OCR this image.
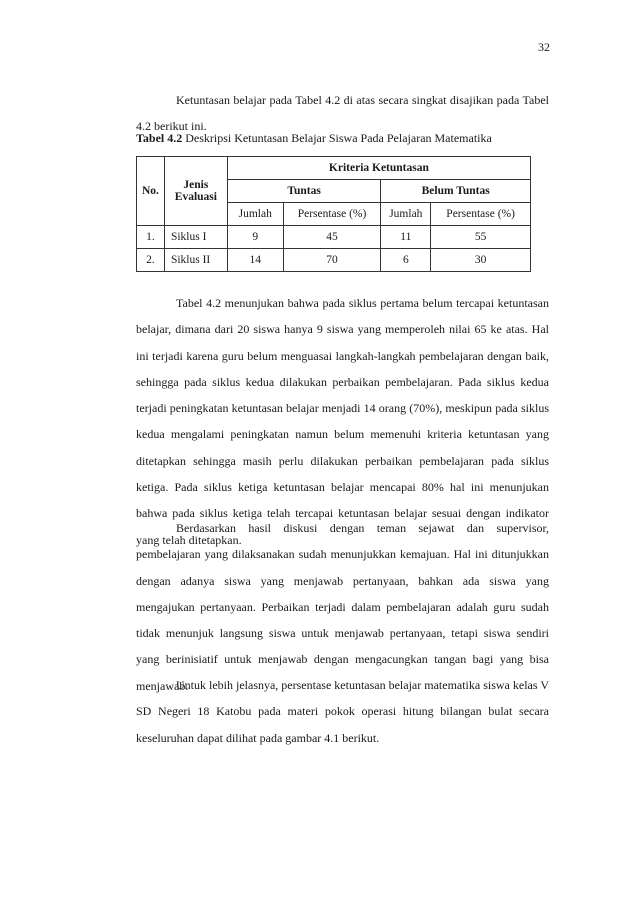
32

Ketuntasan belajar pada Tabel 4.2 di atas secara singkat disajikan pada Tabel 4.2 berikut ini.

Tabel 4.2 Deskripsi Ketuntasan Belajar Siswa Pada Pelajaran Matematika
No.	Jenis Evaluasi	Kriteria Ketuntasan			
		Tuntas		Belum Tuntas	
		Jumlah	Persentase (%)	Jumlah	Persentase (%)
1.	Siklus I	9	45	11	55
2.	Siklus II	14	70	6	30

Tabel 4.2 menunjukan bahwa pada siklus pertama belum tercapai ketuntasan belajar, dimana dari 20 siswa hanya 9 siswa yang memperoleh nilai 65 ke atas. Hal ini terjadi karena guru belum menguasai langkah-langkah pembelajaran dengan baik, sehingga pada siklus kedua dilakukan perbaikan pembelajaran. Pada siklus kedua terjadi peningkatan ketuntasan belajar menjadi 14 orang (70%), meskipun pada siklus kedua mengalami peningkatan namun belum memenuhi kriteria ketuntasan yang ditetapkan sehingga masih perlu dilakukan perbaikan pembelajaran pada siklus ketiga. Pada siklus ketiga ketuntasan belajar mencapai 80% hal ini menunjukan bahwa pada siklus ketiga telah tercapai ketuntasan belajar sesuai dengan indikator yang telah ditetapkan.

Berdasarkan hasil diskusi dengan teman sejawat dan supervisor, pembelajaran yang dilaksanakan sudah menunjukkan kemajuan. Hal ini ditunjukkan dengan adanya siswa yang menjawab pertanyaan, bahkan ada siswa yang mengajukan pertanyaan. Perbaikan terjadi dalam pembelajaran adalah guru sudah tidak menunjuk langsung siswa untuk menjawab pertanyaan, tetapi siswa sendiri yang berinisiatif untuk menjawab dengan mengacungkan tangan bagi yang bisa menjawab.

Untuk lebih jelasnya, persentase ketuntasan belajar matematika siswa kelas V SD Negeri 18 Katobu pada materi pokok operasi hitung bilangan bulat secara keseluruhan dapat dilihat pada gambar 4.1 berikut.
